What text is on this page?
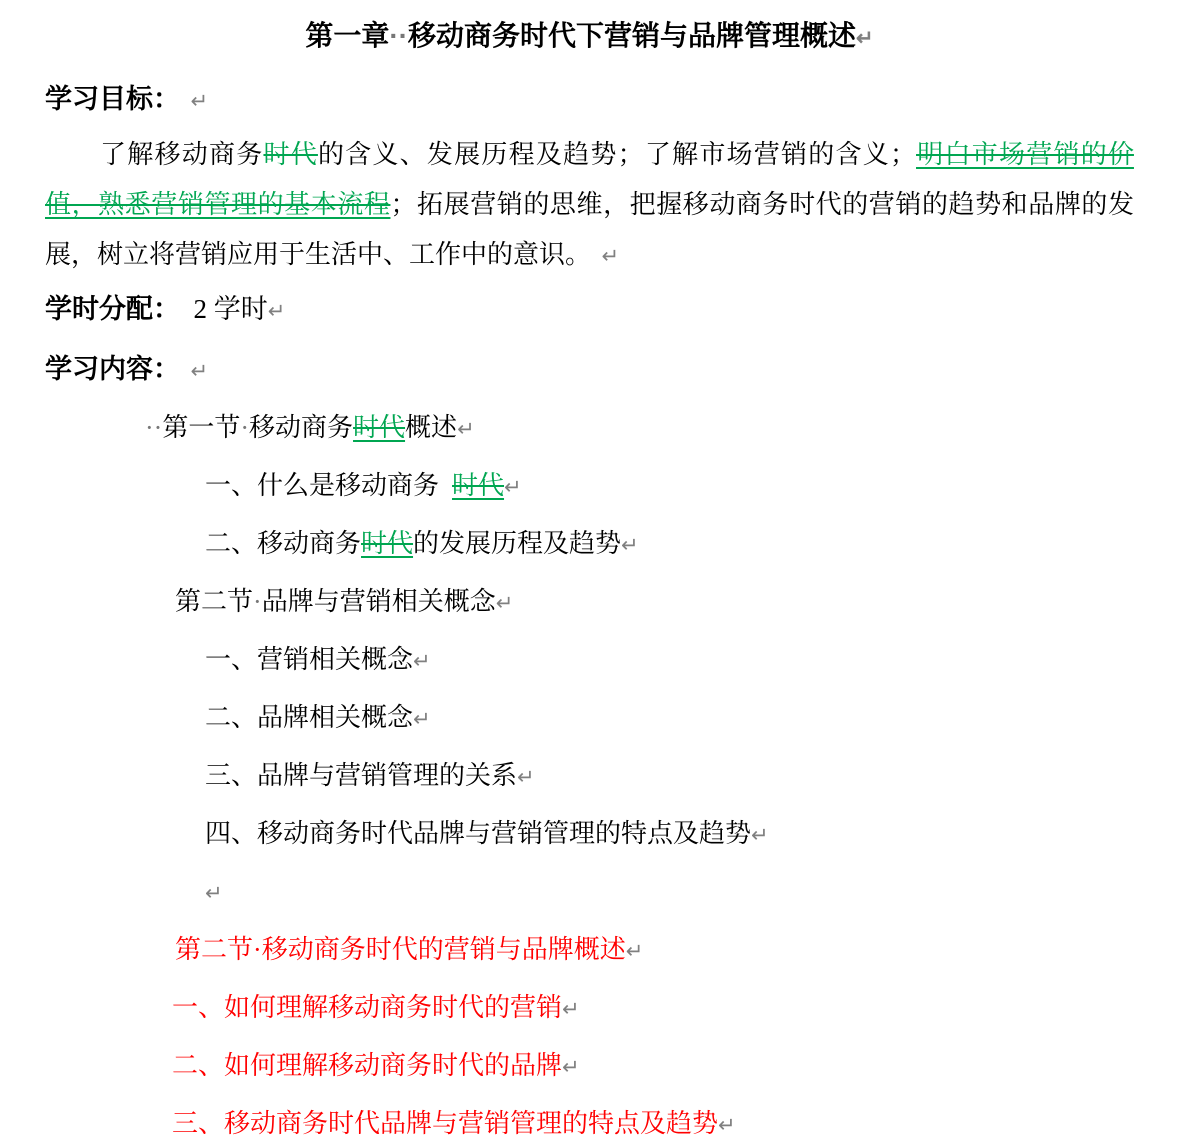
第一章··移动商务时代下营销与品牌管理概述↵
学习目标： ↵
了解移动商务时代的含义、发展历程及趋势；了解市场营销的含义；明白市场营销的价值，熟悉营销管理的基本流程；拓展营销的思维，把握移动商务时代的营销的趋势和品牌的发展，树立将营销应用于生活中、工作中的意识。 ↵
学时分配： 2 学时↵
学习内容： ↵
··第一节·移动商务时代概述↵
一、什么是移动商务 时代↵
二、移动商务时代的发展历程及趋势↵
第二节·品牌与营销相关概念↵
一、营销相关概念↵
二、品牌相关概念↵
三、品牌与营销管理的关系↵
四、移动商务时代品牌与营销管理的特点及趋势↵
↵
第二节·移动商务时代的营销与品牌概述↵
一、如何理解移动商务时代的营销↵
二、如何理解移动商务时代的品牌↵
三、移动商务时代品牌与营销管理的特点及趋势↵
